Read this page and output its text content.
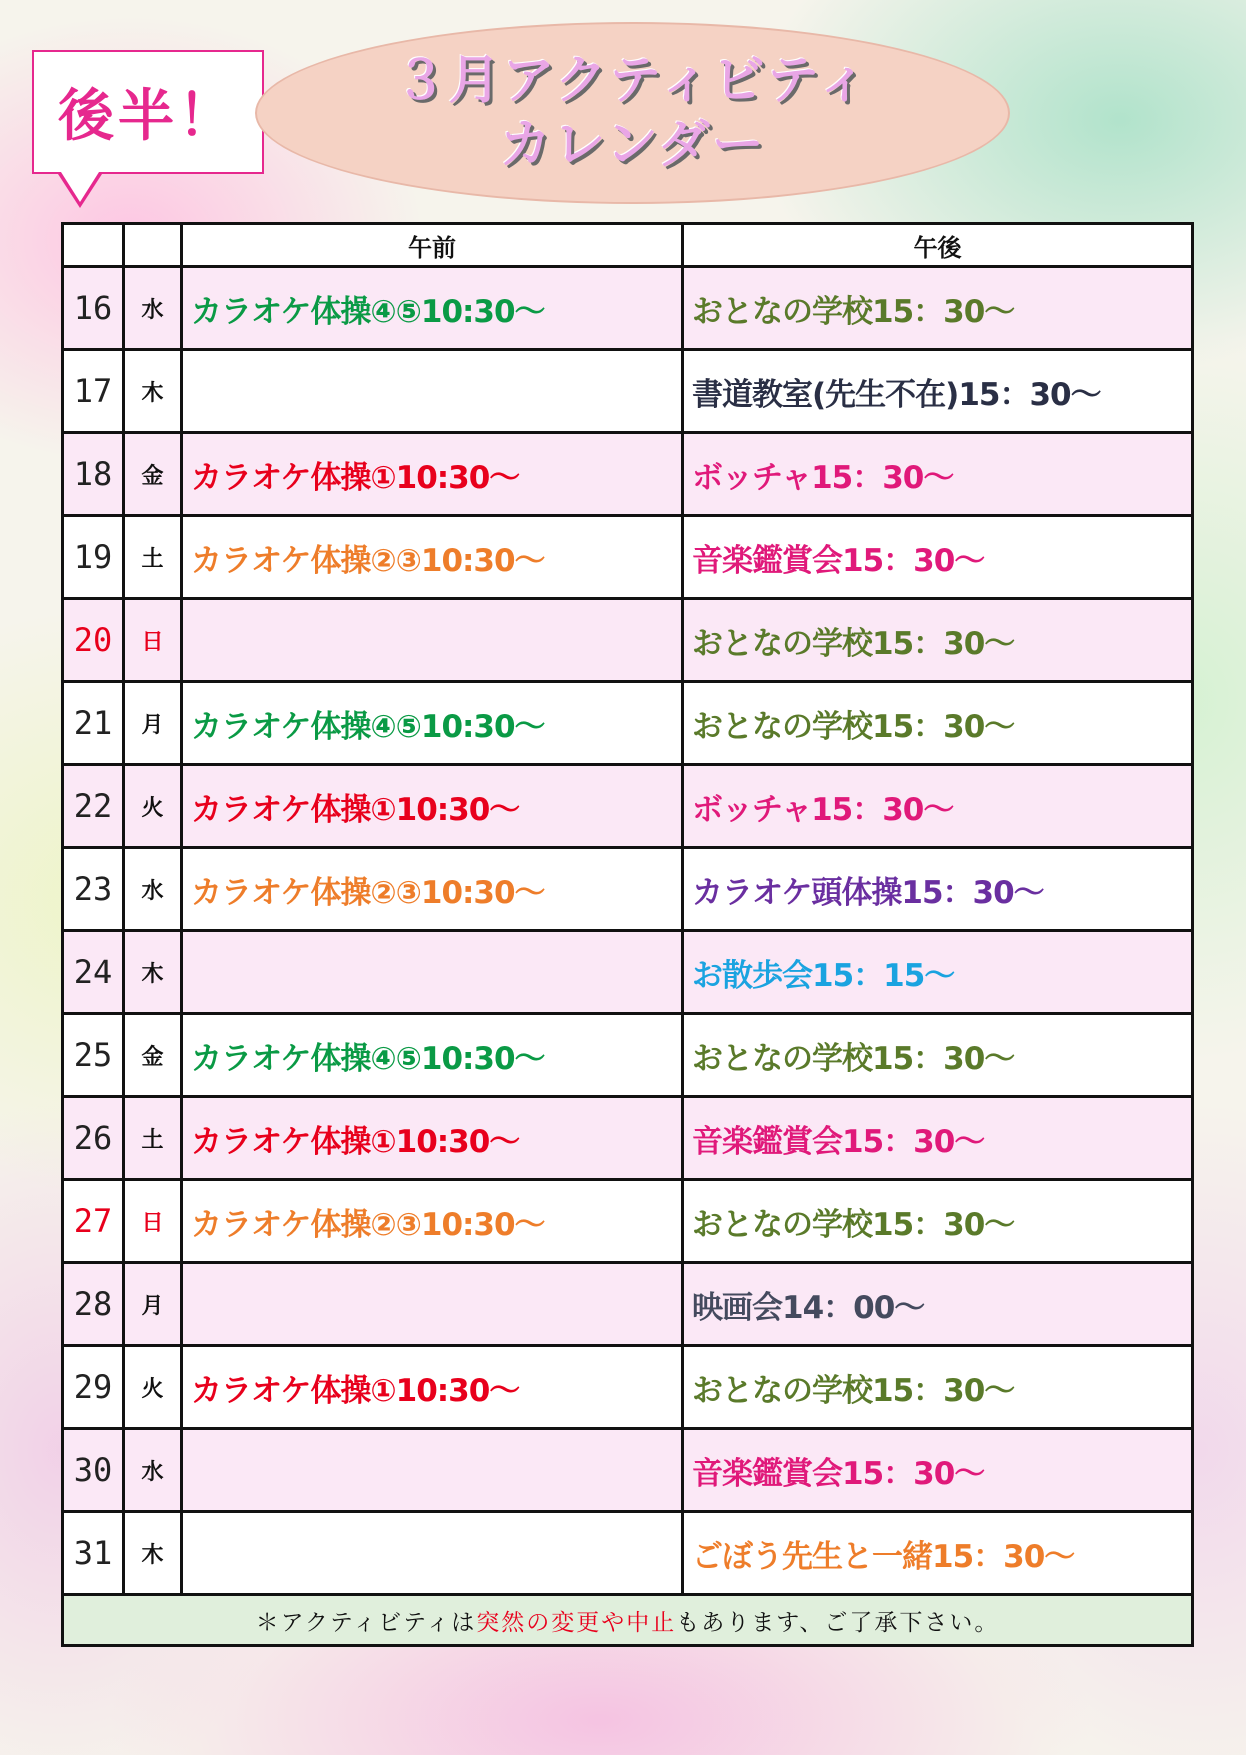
後半！
３月アクティビティ
カレンダー
		午前	午後
16	水	カラオケ体操④⑤10:30～	おとなの学校15：30～
17	木		書道教室(先生不在)15：30～
18	金	カラオケ体操①10:30～	ボッチャ15：30～
19	土	カラオケ体操②③10:30～	音楽鑑賞会15：30～
20	日		おとなの学校15：30～
21	月	カラオケ体操④⑤10:30～	おとなの学校15：30～
22	火	カラオケ体操①10:30～	ボッチャ15：30～
23	水	カラオケ体操②③10:30～	カラオケ頭体操15：30～
24	木		お散歩会15：15～
25	金	カラオケ体操④⑤10:30～	おとなの学校15：30～
26	土	カラオケ体操①10:30～	音楽鑑賞会15：30～
27	日	カラオケ体操②③10:30～	おとなの学校15：30～
28	月		映画会14：00～
29	火	カラオケ体操①10:30～	おとなの学校15：30～
30	水		音楽鑑賞会15：30～
31	木		ごぼう先生と一緒15：30～
＊アクティビティは突然の変更や中止もあります、ご了承下さい。			
